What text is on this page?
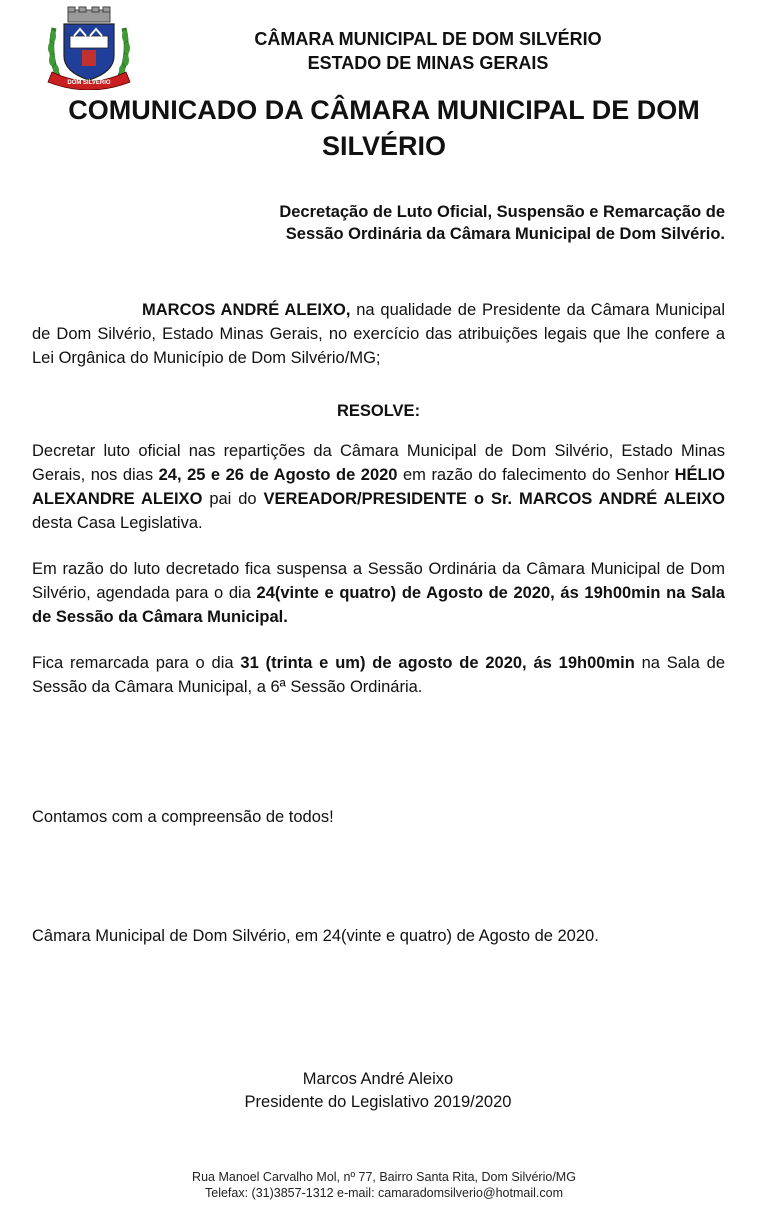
DOM SILVÉRIO
CÂMARA MUNICIPAL DE DOM SILVÉRIO
ESTADO DE MINAS GERAIS
COMUNICADO DA CÂMARA MUNICIPAL DE DOM SILVÉRIO
Decretação de Luto Oficial, Suspensão e Remarcação de Sessão Ordinária da Câmara Municipal de Dom Silvério.
MARCOS ANDRÉ ALEIXO, na qualidade de Presidente da Câmara Municipal de Dom Silvério, Estado Minas Gerais, no exercício das atribuições legais que lhe confere a Lei Orgânica do Município de Dom Silvério/MG;
RESOLVE:
Decretar luto oficial nas repartições da Câmara Municipal de Dom Silvério, Estado Minas Gerais, nos dias 24, 25 e 26 de Agosto de 2020 em razão do falecimento do Senhor HÉLIO ALEXANDRE ALEIXO pai do VEREADOR/PRESIDENTE o Sr. MARCOS ANDRÉ ALEIXO desta Casa Legislativa.
Em razão do luto decretado fica suspensa a Sessão Ordinária da Câmara Municipal de Dom Silvério, agendada para o dia 24(vinte e quatro) de Agosto de 2020, ás 19h00min na Sala de Sessão da Câmara Municipal.
Fica remarcada para o dia 31 (trinta e um) de agosto de 2020, ás 19h00min na Sala de Sessão da Câmara Municipal, a 6ª Sessão Ordinária.
Contamos com a compreensão de todos!
Câmara Municipal de Dom Silvério, em 24(vinte e quatro) de Agosto de 2020.
Marcos André Aleixo
Presidente do Legislativo 2019/2020
Rua Manoel Carvalho Mol, nº 77, Bairro Santa Rita, Dom Silvério/MG
Telefax: (31)3857-1312 e-mail: camaradomsilverio@hotmail.com
